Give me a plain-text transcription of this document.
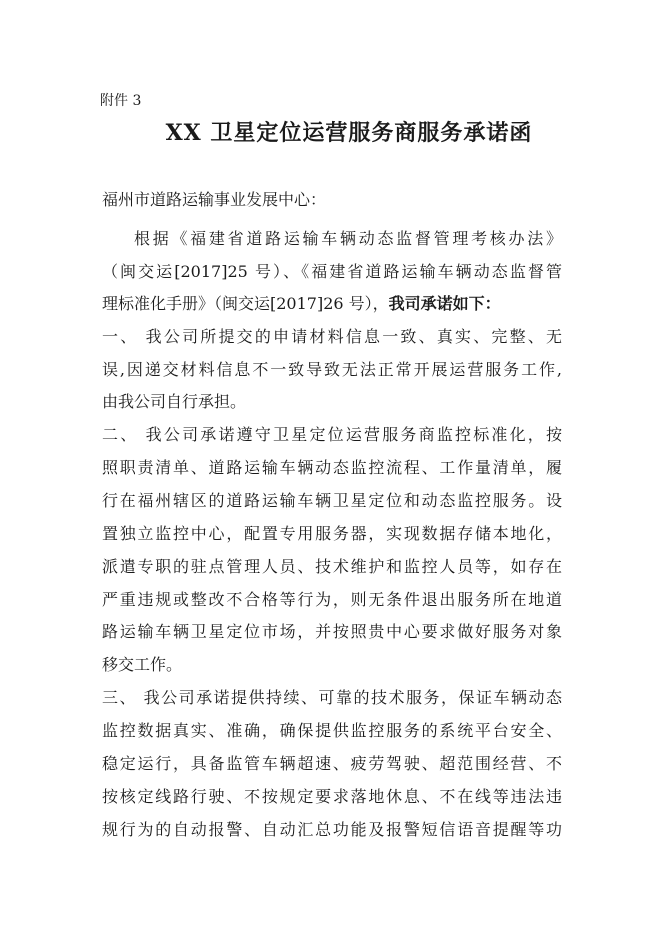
附件 3
XX 卫星定位运营服务商服务承诺函
福州市道路运输事业发展中心：
根据《福建省道路运输车辆动态监督管理考核办法》
（闽交运[2017]25 号）、《福建省道路运输车辆动态监督管
理标准化手册》（闽交运[2017]26 号），我司承诺如下：
一、 我公司所提交的申请材料信息一致、真实、完整、无
误,因递交材料信息不一致导致无法正常开展运营服务工作,
由我公司自行承担。
二、 我公司承诺遵守卫星定位运营服务商监控标准化，按
照职责清单、道路运输车辆动态监控流程、工作量清单，履
行在福州辖区的道路运输车辆卫星定位和动态监控服务。设
置独立监控中心，配置专用服务器，实现数据存储本地化，
派遣专职的驻点管理人员、技术维护和监控人员等，如存在
严重违规或整改不合格等行为，则无条件退出服务所在地道
路运输车辆卫星定位市场，并按照贵中心要求做好服务对象
移交工作。
三、 我公司承诺提供持续、可靠的技术服务，保证车辆动态
监控数据真实、准确，确保提供监控服务的系统平台安全、
稳定运行，具备监管车辆超速、疲劳驾驶、超范围经营、不
按核定线路行驶、不按规定要求落地休息、不在线等违法违
规行为的自动报警、自动汇总功能及报警短信语音提醒等功
